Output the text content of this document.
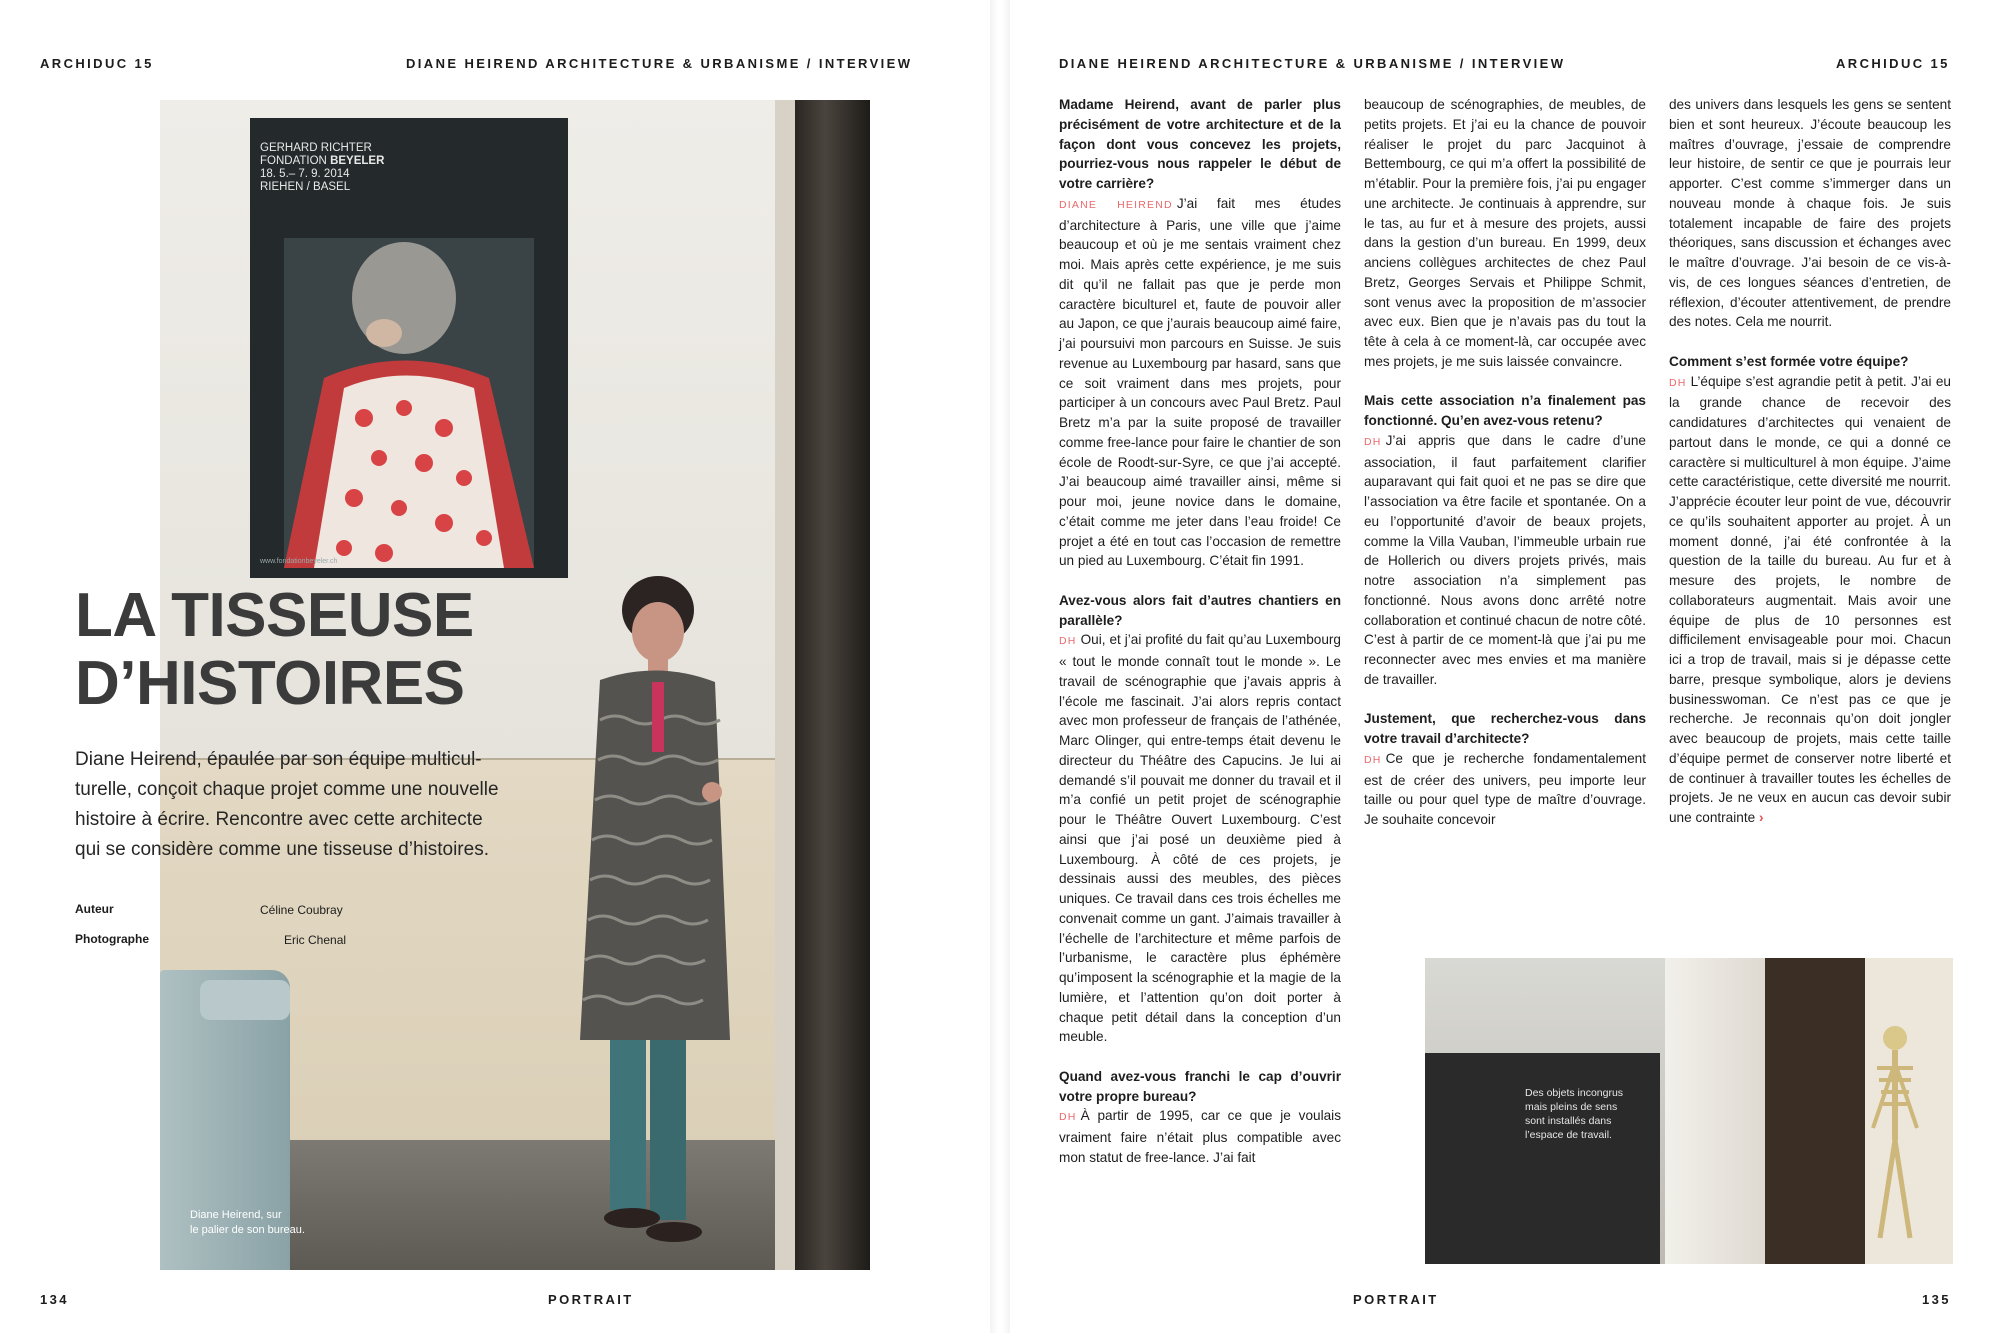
ARCHIDUC 15	DIANE HEIREND ARCHITECTURE & URBANISME / INTERVIEW
GERHARD RICHTER
FONDATION BEYELER
18. 5.– 7. 9. 2014
RIEHEN / BASEL
www.fondationbeyeler.ch
Diane Heirend, sur
le palier de son bureau.
LA TISSEUSE
D’HISTOIRES
Diane Heirend, épaulée par son équipe multicul-
turelle, conçoit chaque projet comme une nouvelle
histoire à écrire. Rencontre avec cette architecte
qui se considère comme une tisseuse d’histoires.
Auteur	Céline Coubray
Photographe	Eric Chenal
134	PORTRAIT
DIANE HEIREND ARCHITECTURE & URBANISME / INTERVIEW	ARCHIDUC 15

Madame Heirend, avant de parler plus précisément de votre architecture et de la façon dont vous concevez les projets, pourriez-vous nous rappeler le début de votre carrière?

DIANE HEIREND J’ai fait mes études d’architecture à Paris, une ville que j’aime beaucoup et où je me sentais vraiment chez moi. Mais après cette expérience, je me suis dit qu’il ne fallait pas que je perde mon caractère biculturel et, faute de pouvoir aller au Japon, ce que j’aurais beaucoup aimé faire, j’ai poursuivi mon parcours en Suisse. Je suis revenue au Luxembourg par hasard, sans que ce soit vraiment dans mes projets, pour participer à un concours avec Paul Bretz. Paul Bretz m’a par la suite proposé de travailler comme free-lance pour faire le chantier de son école de Roodt-sur-Syre, ce que j’ai accepté. J’ai beaucoup aimé travailler ainsi, même si pour moi, jeune novice dans le domaine, c’était comme me jeter dans l’eau froide! Ce projet a été en tout cas l’occasion de remettre un pied au Luxembourg. C’était fin 1991.

Avez-vous alors fait d’autres chantiers en parallèle?

DH Oui, et j’ai profité du fait qu’au Luxembourg « tout le monde connaît tout le monde ». Le travail de scénographie que j’avais appris à l’école me fascinait. J’ai alors repris contact avec mon professeur de français de l’athénée, Marc Olinger, qui entre-temps était devenu le directeur du Théâtre des Capucins. Je lui ai demandé s’il pouvait me donner du travail et il m’a confié un petit projet de scénographie pour le Théâtre Ouvert Luxembourg. C’est ainsi que j’ai posé un deuxième pied à Luxembourg. À côté de ces projets, je dessinais aussi des meubles, des pièces uniques. Ce travail dans ces trois échelles me convenait comme un gant. J’aimais travailler à l’échelle de l’architecture et même parfois de l’urbanisme, le caractère plus éphémère qu’imposent la scénographie et la magie de la lumière, et l’attention qu’on doit porter à chaque petit détail dans la conception d’un meuble.

Quand avez-vous franchi le cap d’ouvrir votre propre bureau?

DH À partir de 1995, car ce que je voulais vraiment faire n’était plus compatible avec mon statut de free-lance. J’ai fait

beaucoup de scénographies, de meubles, de petits projets. Et j’ai eu la chance de pouvoir réaliser le projet du parc Jacquinot à Bettembourg, ce qui m’a offert la possibilité de m’établir. Pour la première fois, j’ai pu engager une architecte. Je continuais à apprendre, sur le tas, au fur et à mesure des projets, aussi dans la gestion d’un bureau. En 1999, deux anciens collègues architectes de chez Paul Bretz, Georges Servais et Philippe Schmit, sont venus avec la proposition de m’associer avec eux. Bien que je n’avais pas du tout la tête à cela à ce moment-là, car occupée avec mes projets, je me suis laissée convaincre.

Mais cette association n’a finalement pas fonctionné. Qu’en avez-vous retenu?

DH J’ai appris que dans le cadre d’une association, il faut parfaitement clarifier auparavant qui fait quoi et ne pas se dire que l’association va être facile et spontanée. On a eu l’opportunité d’avoir de beaux projets, comme la Villa Vauban, l’immeuble urbain rue de Hollerich ou divers projets privés, mais notre association n’a simplement pas fonctionné. Nous avons donc arrêté notre collaboration et continué chacun de notre côté. C’est à partir de ce moment-là que j’ai pu me reconnecter avec mes envies et ma manière de travailler.

Justement, que recherchez-vous dans votre travail d’architecte?

DH Ce que je recherche fondamentalement est de créer des univers, peu importe leur taille ou pour quel type de maître d’ouvrage. Je souhaite concevoir

des univers dans lesquels les gens se sentent bien et sont heureux. J’écoute beaucoup les maîtres d’ouvrage, j’essaie de comprendre leur histoire, de sentir ce que je pourrais leur apporter. C’est comme s’immerger dans un nouveau monde à chaque fois. Je suis totalement incapable de faire des projets théoriques, sans discussion et échanges avec le maître d’ouvrage. J’ai besoin de ce vis-à-vis, de ces longues séances d’entretien, de réflexion, d’écouter attentivement, de prendre des notes. Cela me nourrit.

Comment s’est formée votre équipe?

DH L’équipe s’est agrandie petit à petit. J’ai eu la grande chance de recevoir des candidatures d’architectes qui venaient de partout dans le monde, ce qui a donné ce caractère si multiculturel à mon équipe. J’aime cette caractéristique, cette diversité me nourrit. J’apprécie écouter leur point de vue, découvrir ce qu’ils souhaitent apporter au projet. À un moment donné, j’ai été confrontée à la question de la taille du bureau. Au fur et à mesure des projets, le nombre de collaborateurs augmentait. Mais avoir une équipe de plus de 10 personnes est difficilement envisageable pour moi. Chacun ici a trop de travail, mais si je dépasse cette barre, presque symbolique, alors je deviens businesswoman. Ce n’est pas ce que je recherche. Je reconnais qu’on doit jongler avec beaucoup de projets, mais cette taille d’équipe permet de conserver notre liberté et de continuer à travailler toutes les échelles de projets. Je ne veux en aucun cas devoir subir une contrainte ›

Des objets incongrus
mais pleins de sens
sont installés dans
l’espace de travail.
PORTRAIT	135
